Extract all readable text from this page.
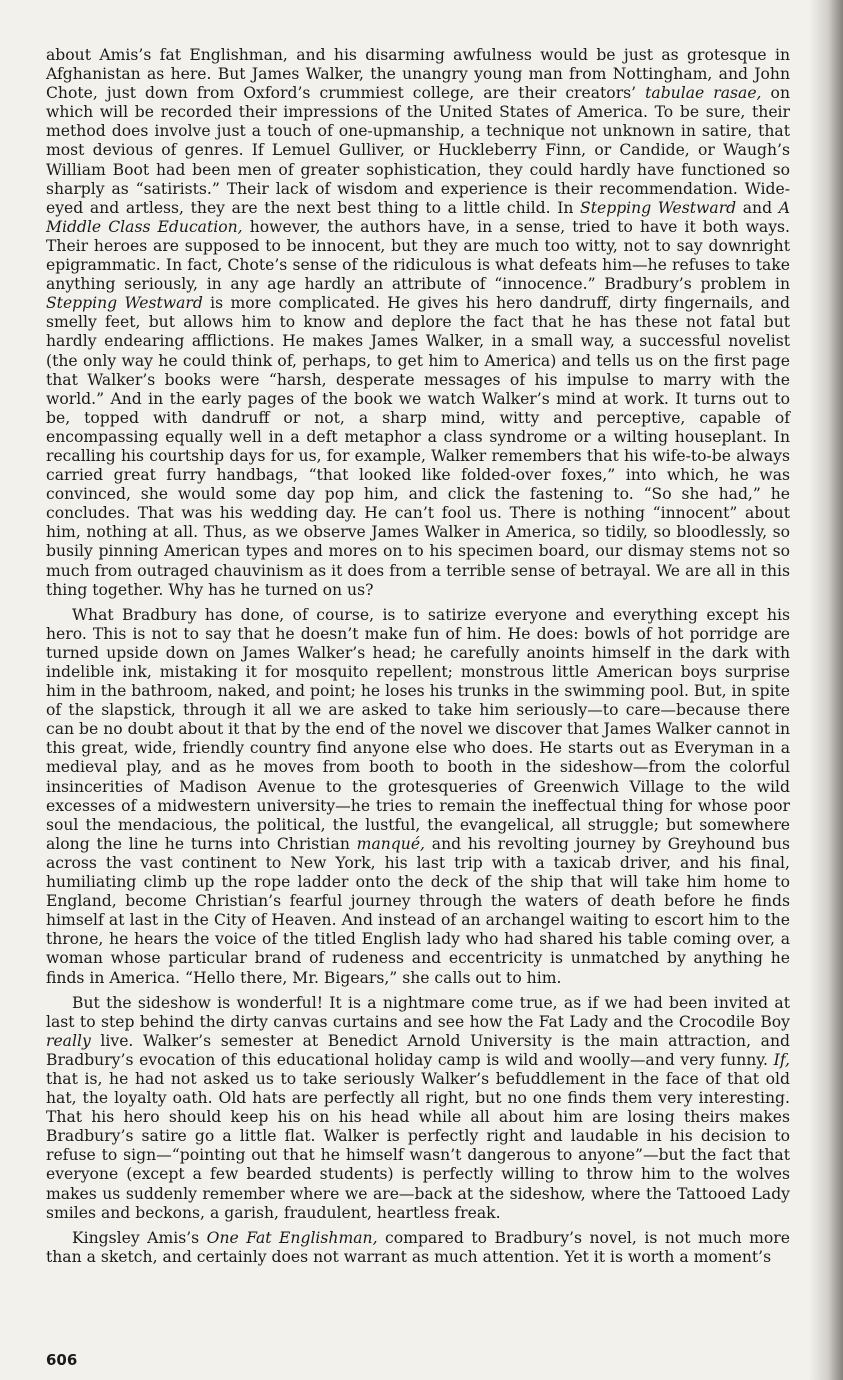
about Amis’s fat Englishman, and his disarming awfulness would be just as grotesque in Afghanistan as here. But James Walker, the unangry young man from Nottingham, and John Chote, just down from Oxford’s crummiest college, are their creators’ tabulae rasae, on which will be recorded their impressions of the United States of America. To be sure, their method does involve just a touch of one-upmanship, a technique not unknown in satire, that most devious of genres. If Lemuel Gulliver, or Huckleberry Finn, or Candide, or Waugh’s William Boot had been men of greater sophistication, they could hardly have functioned so sharply as “satirists.” Their lack of wisdom and experience is their recommendation. Wide-eyed and artless, they are the next best thing to a little child. In Stepping Westward and A Middle Class Education, however, the authors have, in a sense, tried to have it both ways. Their heroes are supposed to be innocent, but they are much too witty, not to say downright epigrammatic. In fact, Chote’s sense of the ridiculous is what defeats him—he refuses to take anything seriously, in any age hardly an attribute of “innocence.” Bradbury’s problem in Stepping Westward is more complicated. He gives his hero dandruff, dirty fingernails, and smelly feet, but allows him to know and deplore the fact that he has these not fatal but hardly endearing afflictions. He makes James Walker, in a small way, a successful novelist (the only way he could think of, perhaps, to get him to America) and tells us on the first page that Walker’s books were “harsh, desperate messages of his impulse to marry with the world.” And in the early pages of the book we watch Walker’s mind at work. It turns out to be, topped with dandruff or not, a sharp mind, witty and perceptive, capable of encompassing equally well in a deft metaphor a class syndrome or a wilting houseplant. In recalling his courtship days for us, for example, Walker remembers that his wife-to-be always carried great furry handbags, “that looked like folded-over foxes,” into which, he was convinced, she would some day pop him, and click the fastening to. “So she had,” he concludes. That was his wedding day. He can’t fool us. There is nothing “innocent” about him, nothing at all. Thus, as we observe James Walker in America, so tidily, so bloodlessly, so busily pinning American types and mores on to his specimen board, our dismay stems not so much from outraged chauvinism as it does from a terrible sense of betrayal. We are all in this thing together. Why has he turned on us?

What Bradbury has done, of course, is to satirize everyone and everything except his hero. This is not to say that he doesn’t make fun of him. He does: bowls of hot porridge are turned upside down on James Walker’s head; he carefully anoints himself in the dark with indelible ink, mistaking it for mosquito repellent; monstrous little American boys surprise him in the bathroom, naked, and point; he loses his trunks in the swimming pool. But, in spite of the slapstick, through it all we are asked to take him seriously—to care—because there can be no doubt about it that by the end of the novel we discover that James Walker cannot in this great, wide, friendly country find anyone else who does. He starts out as Everyman in a medieval play, and as he moves from booth to booth in the sideshow—from the colorful insincerities of Madison Avenue to the grotesqueries of Greenwich Village to the wild excesses of a midwestern university—he tries to remain the ineffectual thing for whose poor soul the mendacious, the political, the lustful, the evangelical, all struggle; but somewhere along the line he turns into Christian manqué, and his revolting journey by Greyhound bus across the vast continent to New York, his last trip with a taxicab driver, and his final, humiliating climb up the rope ladder onto the deck of the ship that will take him home to England, become Christian’s fearful journey through the waters of death before he finds himself at last in the City of Heaven. And instead of an archangel waiting to escort him to the throne, he hears the voice of the titled English lady who had shared his table coming over, a woman whose particular brand of rudeness and eccentricity is unmatched by anything he finds in America. “Hello there, Mr. Bigears,” she calls out to him.

But the sideshow is wonderful! It is a nightmare come true, as if we had been invited at last to step behind the dirty canvas curtains and see how the Fat Lady and the Crocodile Boy really live. Walker’s semester at Benedict Arnold University is the main attraction, and Bradbury’s evocation of this educational holiday camp is wild and woolly—and very funny. If, that is, he had not asked us to take seriously Walker’s befuddlement in the face of that old hat, the loyalty oath. Old hats are perfectly all right, but no one finds them very interesting. That his hero should keep his on his head while all about him are losing theirs makes Bradbury’s satire go a little flat. Walker is perfectly right and laudable in his decision to refuse to sign—“pointing out that he himself wasn’t dangerous to anyone”—but the fact that everyone (except a few bearded students) is perfectly willing to throw him to the wolves makes us suddenly remember where we are—back at the sideshow, where the Tattooed Lady smiles and beckons, a garish, fraudulent, heartless freak.

Kingsley Amis’s One Fat Englishman, compared to Bradbury’s novel, is not much more than a sketch, and certainly does not warrant as much attention. Yet it is worth a moment’s

606
